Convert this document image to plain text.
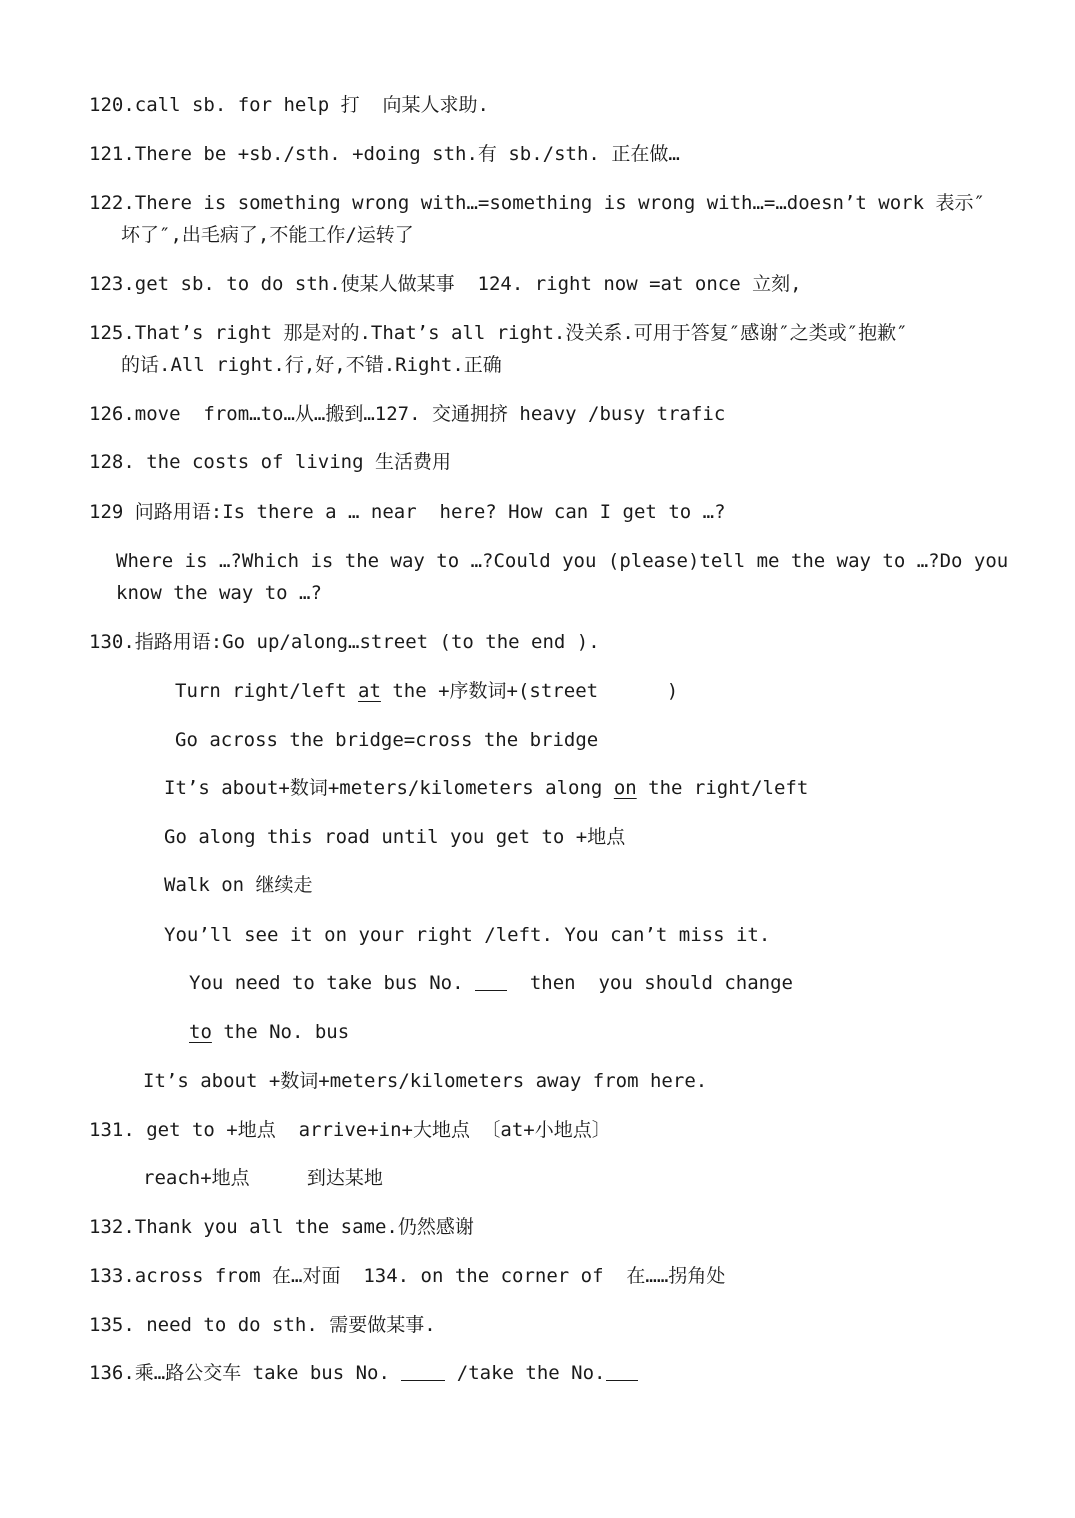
120.call sb. for help 打  向某人求助.
121.There be +sb./sth. +doing sth.有 sb./sth. 正在做…
122.There is something wrong with…=something is wrong with…=…doesn’t work 表示″
坏了″,出毛病了,不能工作/运转了
123.get sb. to do sth.使某人做某事  124. right now =at once 立刻,
125.That’s right 那是对的.That’s all right.没关系.可用于答复″感谢″之类或″抱歉″
的话.All right.行,好,不错.Right.正确
126.move  from…to…从…搬到…127. 交通拥挤 heavy /busy trafic
128. the costs of living 生活费用
129 问路用语:Is there a … near  here? How can I get to …?
Where is …?Which is the way to …?Could you (please)tell me the way to …?Do you
know the way to …?
130.指路用语:Go up/along…street (to the end ).
Turn right/left at the +序数词+(street      )
Go across the bridge=cross the bridge
It’s about+数词+meters/kilometers along on the right/left
Go along this road until you get to +地点
Walk on 继续走
You’ll see it on your right /left. You can’t miss it.
You need to take bus No.   then  you should change
to the No. bus
It’s about +数词+meters/kilometers away from here.
131. get to +地点  arrive+in+大地点 〔at+小地点〕
reach+地点     到达某地
132.Thank you all the same.仍然感谢
133.across from 在…对面  134. on the corner of  在……拐角处
135. need to do sth. 需要做某事.
136.乘…路公交车 take bus No.  /take the No.
